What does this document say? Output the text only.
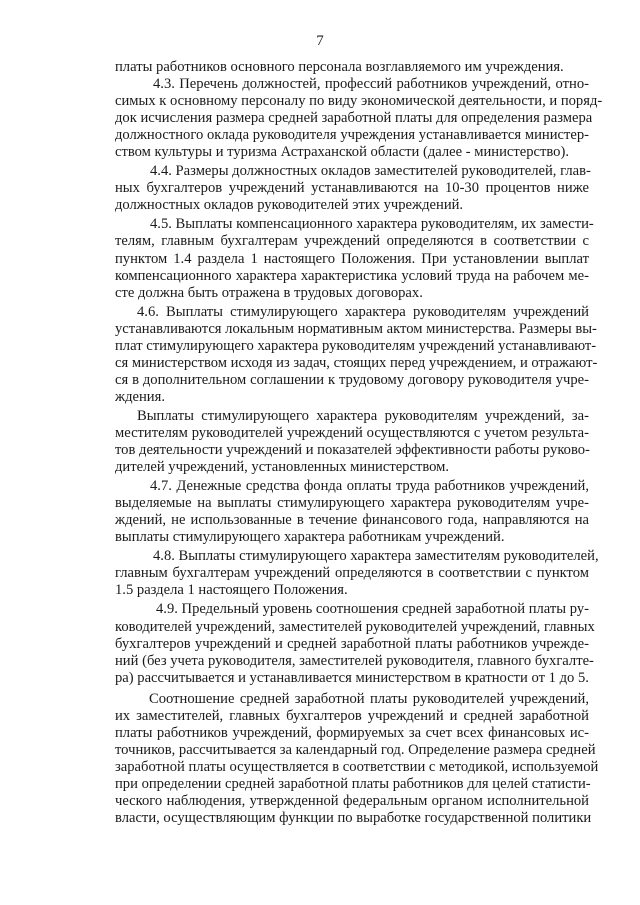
7
платы работников основного персонала возглавляемого им учреждения.
4.3. Перечень должностей, профессий работников учреждений, отно-
симых к основному персоналу по виду экономической деятельности, и поряд-
док исчисления размера средней заработной платы для определения размера
должностного оклада руководителя учреждения устанавливается министер-
ством культуры и туризма Астраханской области (далее - министерство).
4.4. Размеры должностных окладов заместителей руководителей, глав-
ных бухгалтеров учреждений устанавливаются на 10-30 процентов ниже
должностных окладов руководителей этих учреждений.
4.5. Выплаты компенсационного характера руководителям, их замести-
телям, главным бухгалтерам учреждений определяются в соответствии с
пунктом 1.4 раздела 1 настоящего Положения. При установлении выплат
компенсационного характера характеристика условий труда на рабочем ме-
сте должна быть отражена в трудовых договорах.
4.6. Выплаты стимулирующего характера руководителям учреждений
устанавливаются локальным нормативным актом министерства. Размеры вы-
плат стимулирующего характера руководителям учреждений устанавливают-
ся министерством исходя из задач, стоящих перед учреждением, и отражают-
ся в дополнительном соглашении к трудовому договору руководителя учре-
ждения.
Выплаты стимулирующего характера руководителям учреждений, за-
местителям руководителей учреждений осуществляются с учетом результа-
тов деятельности учреждений и показателей эффективности работы руково-
дителей учреждений, установленных министерством.
4.7. Денежные средства фонда оплаты труда работников учреждений,
выделяемые на выплаты стимулирующего характера руководителям учре-
ждений, не использованные в течение финансового года, направляются на
выплаты стимулирующего характера работникам учреждений.
4.8. Выплаты стимулирующего характера заместителям руководителей,
главным бухгалтерам учреждений определяются в соответствии с пунктом
1.5 раздела 1 настоящего Положения.
4.9. Предельный уровень соотношения средней заработной платы ру-
ководителей учреждений, заместителей руководителей учреждений, главных
бухгалтеров учреждений и средней заработной платы работников учрежде-
ний (без учета руководителя, заместителей руководителя, главного бухгалте-
ра) рассчитывается и устанавливается министерством в кратности от 1 до 5.
Соотношение средней заработной платы руководителей учреждений,
их заместителей, главных бухгалтеров учреждений и средней заработной
платы работников учреждений, формируемых за счет всех финансовых ис-
точников, рассчитывается за календарный год. Определение размера средней
заработной платы осуществляется в соответствии с методикой, используемой
при определении средней заработной платы работников для целей статисти-
ческого наблюдения, утвержденной федеральным органом исполнительной
власти, осуществляющим функции по выработке государственной политики
